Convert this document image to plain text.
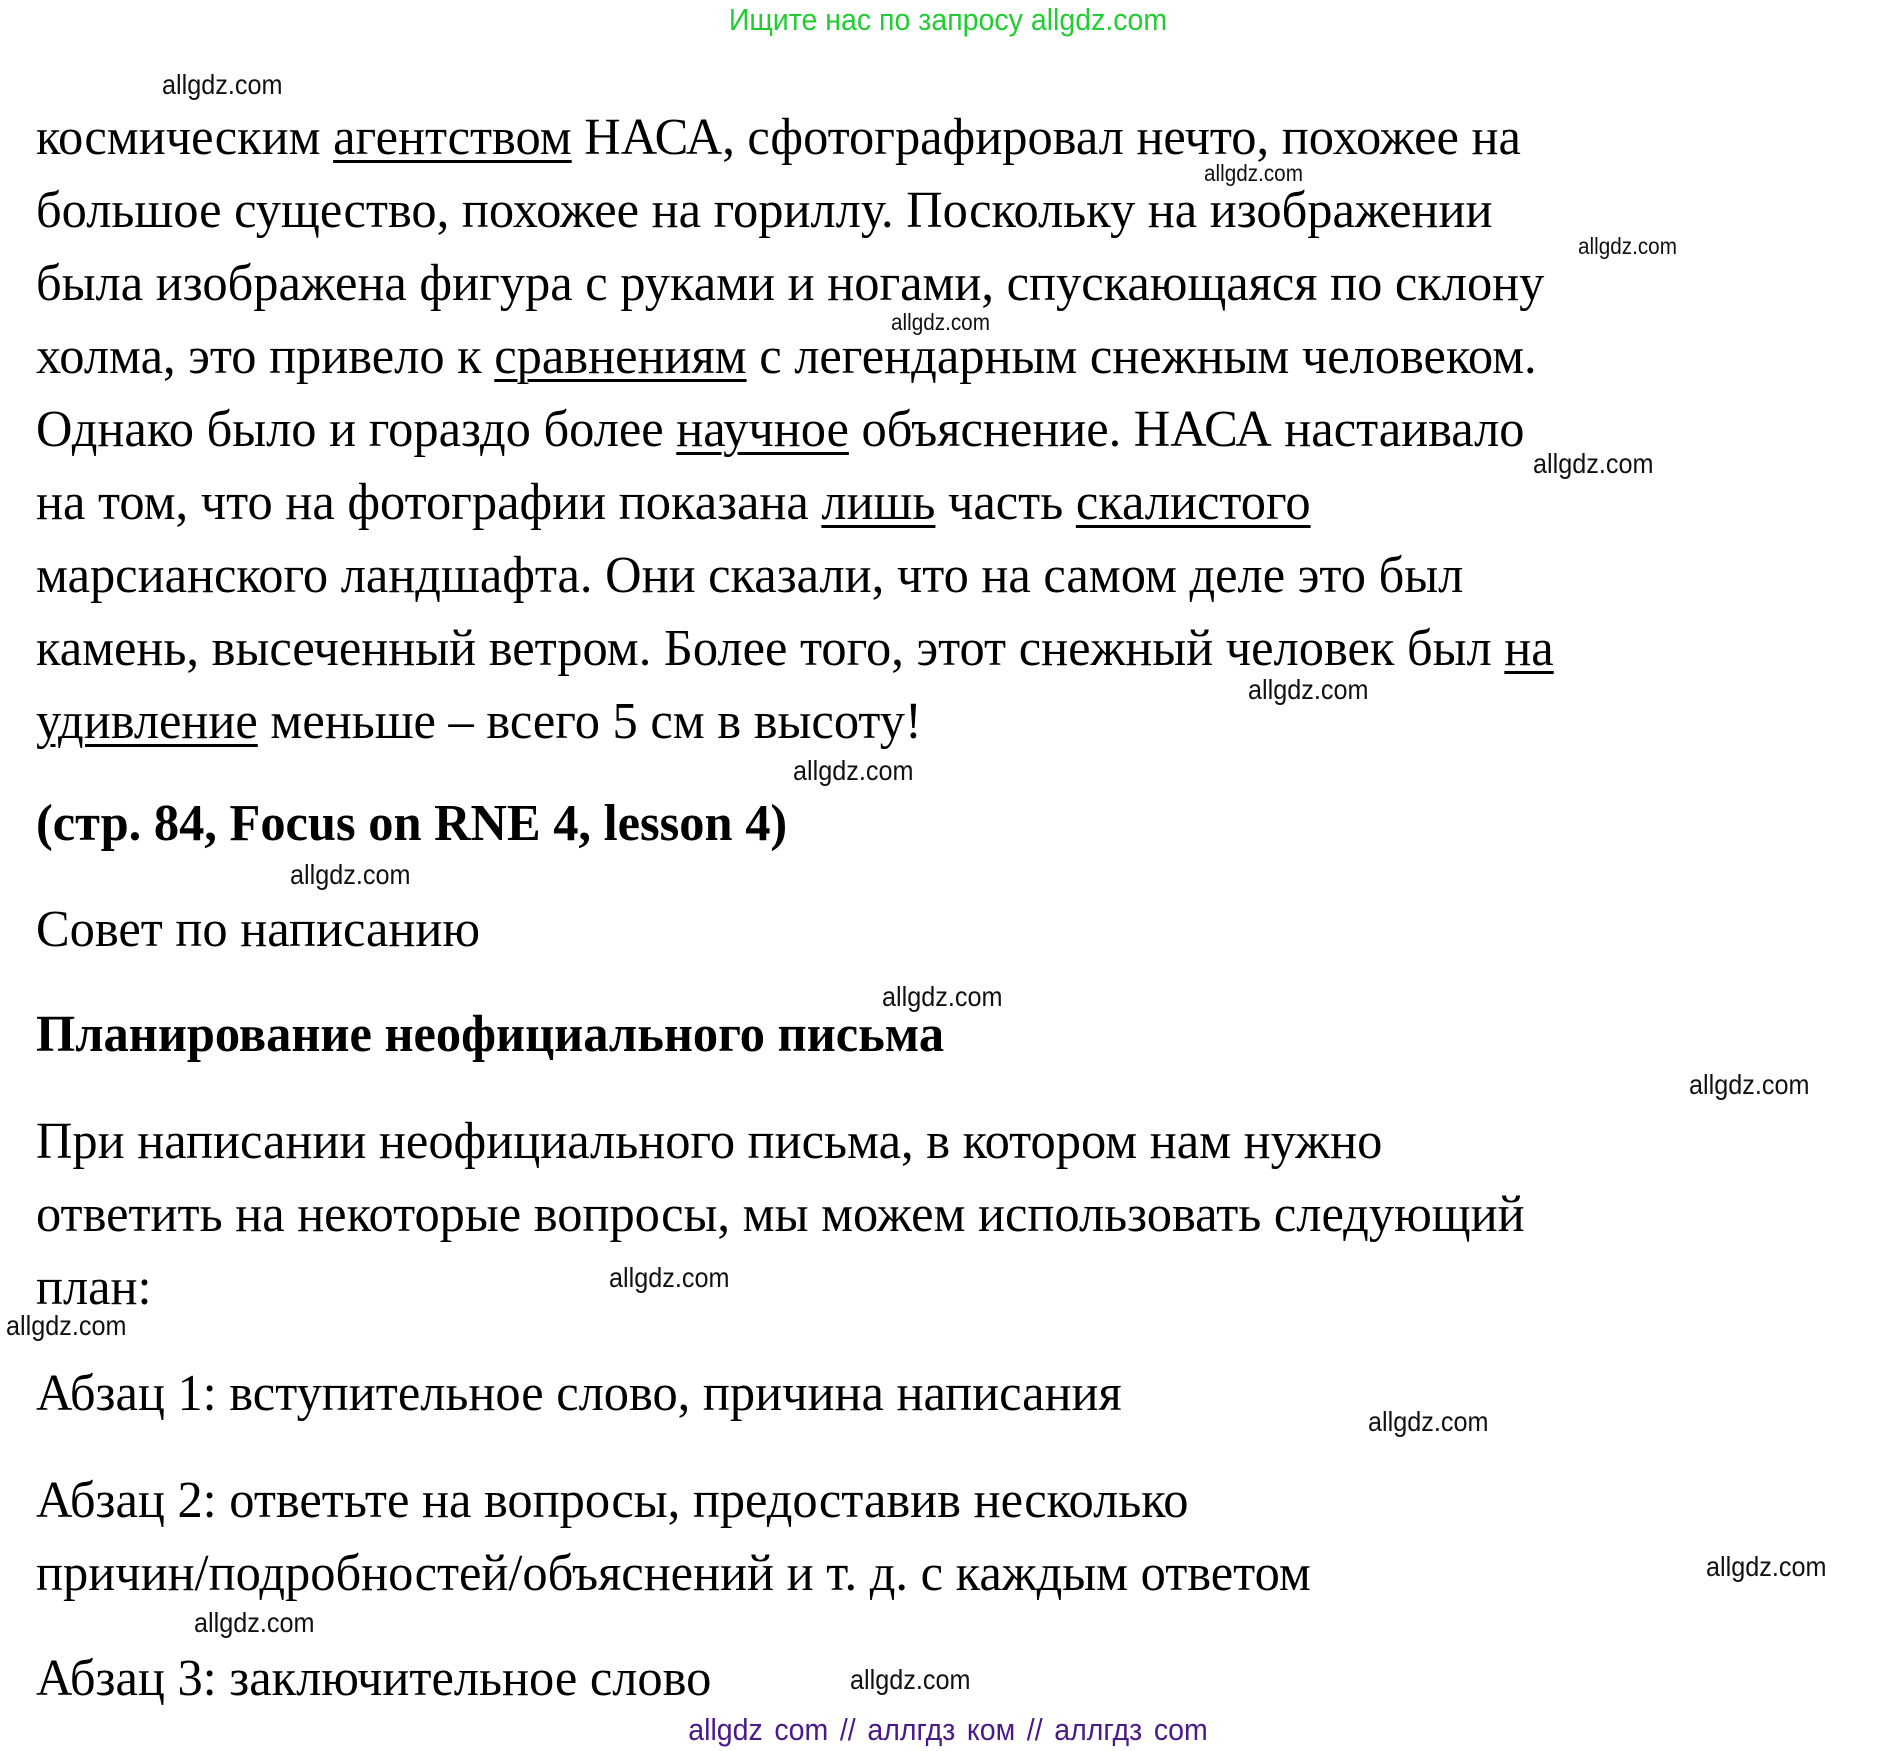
Ищите нас по запросу allgdz.com
космическим агентством НАСА, сфотографировал нечто, похожее на
большое существо, похожее на гориллу. Поскольку на изображении
была изображена фигура с руками и ногами, спускающаяся по склону
холма, это привело к сравнениям с легендарным снежным человеком.
Однако было и гораздо более научное объяснение. НАСА настаивало
на том, что на фотографии показана лишь часть скалистого
марсианского ландшафта. Они сказали, что на самом деле это был
камень, высеченный ветром. Более того, этот снежный человек был на
удивление меньше – всего 5 см в высоту!
(стр. 84, Focus on RNE 4, lesson 4)
Совет по написанию
Планирование неофициального письма
При написании неофициального письма, в котором нам нужно
ответить на некоторые вопросы, мы можем использовать следующий
план:
Абзац 1: вступительное слово, причина написания
Абзац 2: ответьте на вопросы, предоставив несколько
причин/подробностей/объяснений и т. д. с каждым ответом
Абзац 3: заключительное слово
allgdz.com
allgdz.com
allgdz.com
allgdz.com
allgdz.com
allgdz.com
allgdz.com
allgdz.com
allgdz.com
allgdz.com
allgdz.com
allgdz.com
allgdz.com
allgdz.com
allgdz.com
allgdz.com
allgdz com // аллгдз ком // аллгдз com
